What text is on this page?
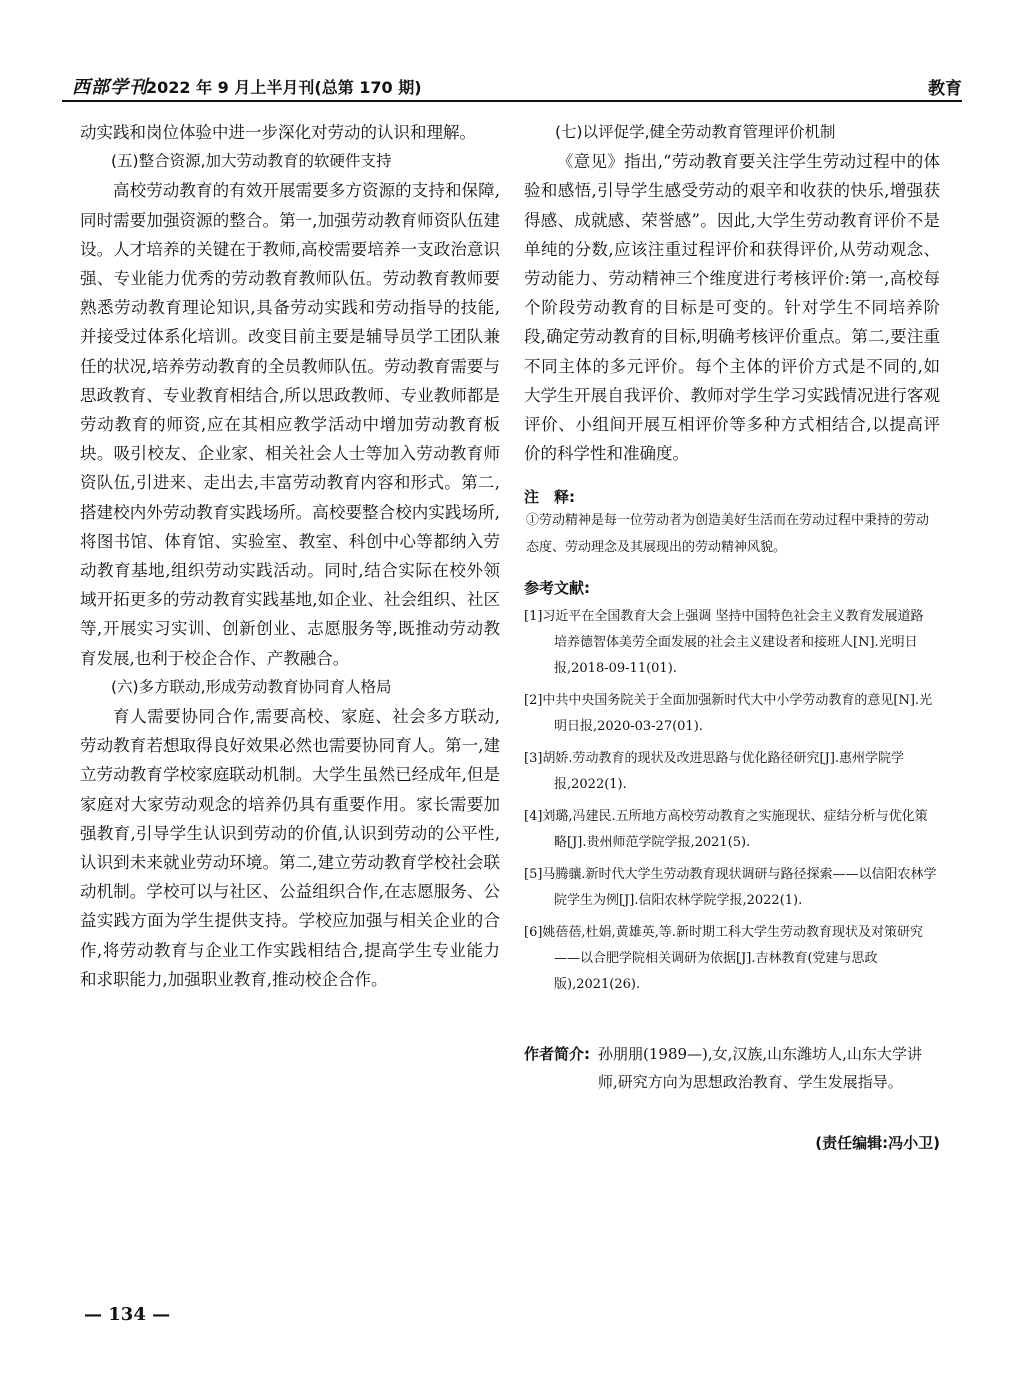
西部学刊
2022 年 9 月上半月刊(总第 170 期)	教育

动实践和岗位体验中进一步深化对劳动的认识和理解。

(五)整合资源,加大劳动教育的软硬件支持

高校劳动教育的有效开展需要多方资源的支持和保障,同时需要加强资源的整合。第一,加强劳动教育师资队伍建设。人才培养的关键在于教师,高校需要培养一支政治意识强、专业能力优秀的劳动教育教师队伍。劳动教育教师要熟悉劳动教育理论知识,具备劳动实践和劳动指导的技能,并接受过体系化培训。改变目前主要是辅导员学工团队兼任的状况,培养劳动教育的全员教师队伍。劳动教育需要与思政教育、专业教育相结合,所以思政教师、专业教师都是劳动教育的师资,应在其相应教学活动中增加劳动教育板块。吸引校友、企业家、相关社会人士等加入劳动教育师资队伍,引进来、走出去,丰富劳动教育内容和形式。第二,搭建校内外劳动教育实践场所。高校要整合校内实践场所,将图书馆、体育馆、实验室、教室、科创中心等都纳入劳动教育基地,组织劳动实践活动。同时,结合实际在校外领域开拓更多的劳动教育实践基地,如企业、社会组织、社区等,开展实习实训、创新创业、志愿服务等,既推动劳动教育发展,也利于校企合作、产教融合。

(六)多方联动,形成劳动教育协同育人格局

育人需要协同合作,需要高校、家庭、社会多方联动,劳动教育若想取得良好效果必然也需要协同育人。第一,建立劳动教育学校家庭联动机制。大学生虽然已经成年,但是家庭对大家劳动观念的培养仍具有重要作用。家长需要加强教育,引导学生认识到劳动的价值,认识到劳动的公平性,认识到未来就业劳动环境。第二,建立劳动教育学校社会联动机制。学校可以与社区、公益组织合作,在志愿服务、公益实践方面为学生提供支持。学校应加强与相关企业的合作,将劳动教育与企业工作实践相结合,提高学生专业能力和求职能力,加强职业教育,推动校企合作。

(七)以评促学,健全劳动教育管理评价机制

《意见》指出,“劳动教育要关注学生劳动过程中的体验和感悟,引导学生感受劳动的艰辛和收获的快乐,增强获得感、成就感、荣誉感”。因此,大学生劳动教育评价不是单纯的分数,应该注重过程评价和获得评价,从劳动观念、劳动能力、劳动精神三个维度进行考核评价:第一,高校每个阶段劳动教育的目标是可变的。针对学生不同培养阶段,确定劳动教育的目标,明确考核评价重点。第二,要注重不同主体的多元评价。每个主体的评价方式是不同的,如大学生开展自我评价、教师对学生学习实践情况进行客观评价、小组间开展互相评价等多种方式相结合,以提高评价的科学性和准确度。

注　释:

①劳动精神是每一位劳动者为创造美好生活而在劳动过程中秉持的劳动态度、劳动理念及其展现出的劳动精神风貌。

参考文献:

[1]习近平在全国教育大会上强调 坚持中国特色社会主义教育发展道路 培养德智体美劳全面发展的社会主义建设者和接班人[N].光明日报,2018-09-11(01).
[2]中共中央国务院关于全面加强新时代大中小学劳动教育的意见[N].光明日报,2020-03-27(01).
[3]胡娇.劳动教育的现状及改进思路与优化路径研究[J].惠州学院学报,2022(1).
[4]刘璐,冯建民.五所地方高校劳动教育之实施现状、症结分析与优化策略[J].贵州师范学院学报,2021(5).
[5]马腾骧.新时代大学生劳动教育现状调研与路径探索——以信阳农林学院学生为例[J].信阳农林学院学报,2022(1).
[6]姚蓓蓓,杜娟,黄雄英,等.新时期工科大学生劳动教育现状及对策研究——以合肥学院相关调研为依据[J].吉林教育(党建与思政版),2021(26).
作者简介: 孙朋朋(1989—),女,汉族,山东潍坊人,山东大学讲师,研究方向为思想政治教育、学生发展指导。
(责任编辑:冯小卫)
— 134 —
